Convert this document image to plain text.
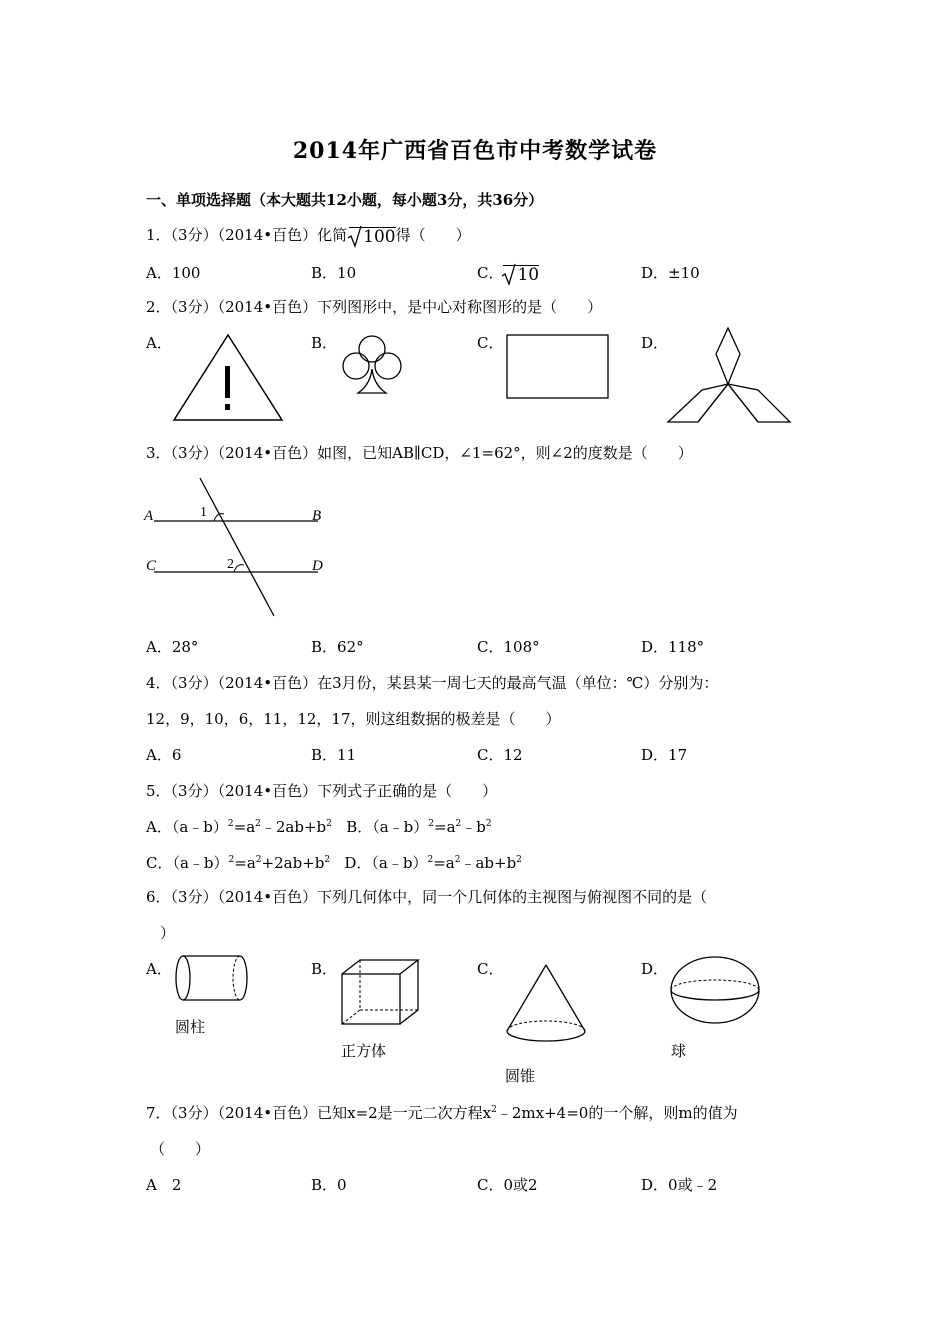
2014年广西省百色市中考数学试卷
一、单项选择题（本大题共12小题，每小题3分，共36分）
1．（3分）（2014•百色）化简 100得（　　）
A．100	B．10	C． 10	D．±10
2．（3分）（2014•百色）下列图形中，是中心对称图形的是（　　）
A．	B．	C．	D．
3．（3分）（2014•百色）如图，已知AB∥CD，∠1=62°，则∠2的度数是（　　）
A	B
C	D
1
2
A．28°	B．62°	C．108°	D．118°
4．（3分）（2014•百色）在3月份，某县某一周七天的最高气温（单位：℃）分别为：
12，9，10，6，11，12，17，则这组数据的极差是（　　）
A．6	B．11	C．12	D．17
5．（3分）（2014•百色）下列式子正确的是（　　）
A．$(a﹣b)^2=a^2﹣2ab+b^2$ B．$(a﹣b)^2=a^2﹣b^2$
C．$(a﹣b)^2=a^2+2ab+b^2$ D．$(a﹣b)^2=a^2﹣ab+b^2$
6．（3分）（2014•百色）下列几何体中，同一个几何体的主视图与俯视图不同的是（
）
A．	B．	C．	D．
圆柱
正方体
圆锥
球
7．（3分）（2014•百色）已知x=2是一元二次方程$x^2﹣2mx+4=0$的一个解，则m的值为
（　　）
A　2	B．0	C．0或2	D．0或﹣2
